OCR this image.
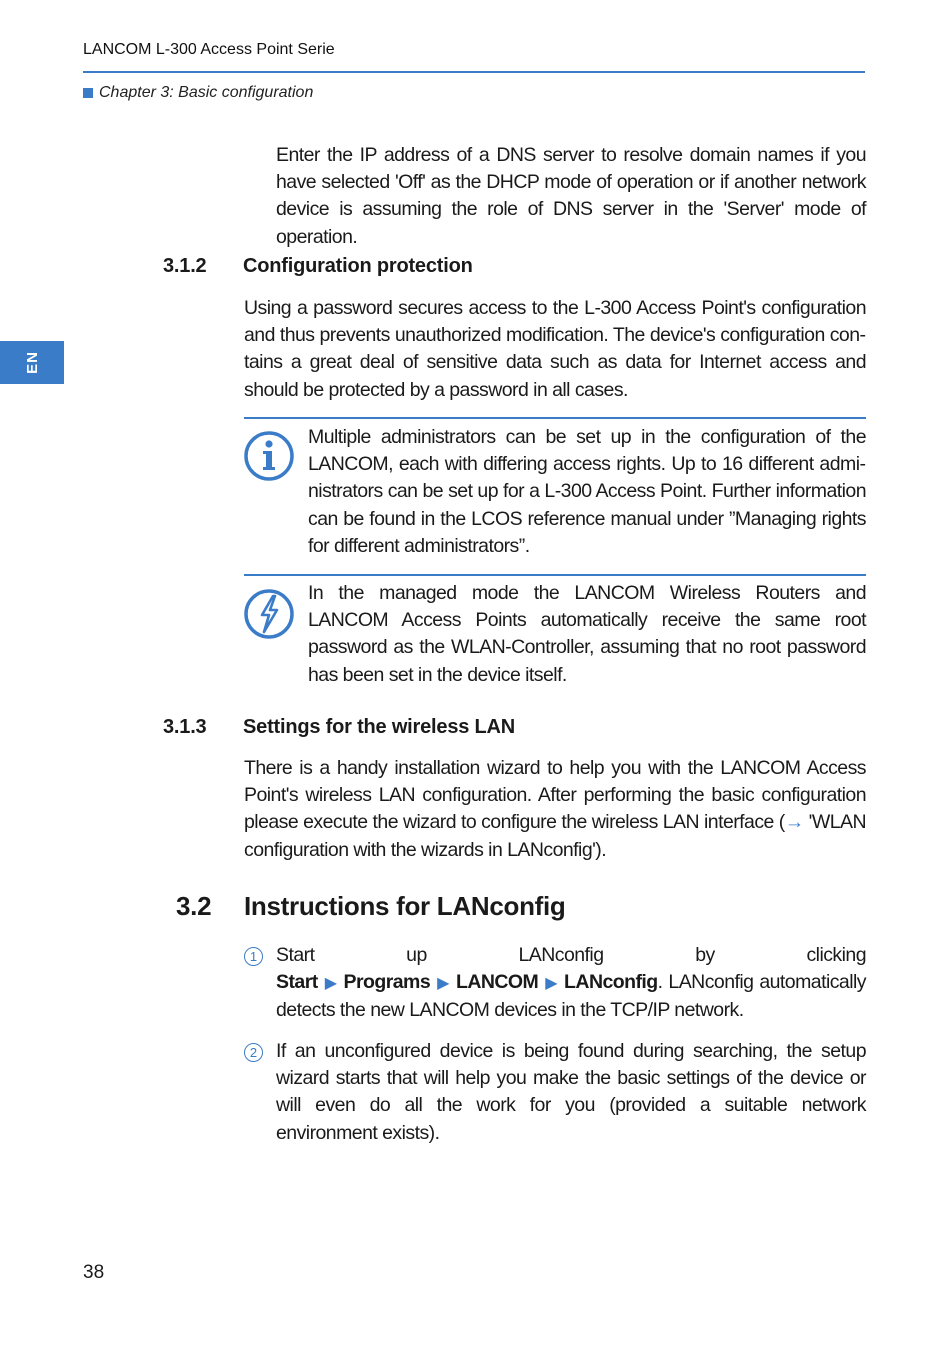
LANCOM L-300 Access Point Serie
Chapter 3: Basic configuration
EN
Enter the IP address of a DNS server to resolve domain names if you have selected 'Off' as the DHCP mode of operation or if another network device is assuming the role of DNS server in the 'Server' mode of operation.
3.1.2 Configuration protection
Using a password secures access to the L-300 Access Point's configuration and thus prevents unauthorized modification. The device's configuration contains a great deal of sensitive data such as data for Internet access and should be protected by a password in all cases.
Multiple administrators can be set up in the configuration of the LANCOM, each with differing access rights. Up to 16 different administrators can be set up for a L-300 Access Point. Further information can be found in the LCOS reference manual under ”Managing rights for different administrators”.
In the managed mode the LANCOM Wireless Routers and LANCOM Access Points automatically receive the same root password as the WLAN-Controller, assuming that no root password has been set in the device itself.
3.1.3 Settings for the wireless LAN
There is a handy installation wizard to help you with the LANCOM Access Point's wireless LAN configuration. After performing the basic configuration please execute the wizard to configure the wireless LAN interface (→ 'WLAN configuration with the wizards in LANconfig').
3.2 Instructions for LANconfig
1 Start up LANconfig by clicking Start ▶ Programs ▶ LANCOM ▶ LANconfig. LANconfig automatically detects the new LANCOM devices in the TCP/IP network.
2 If an unconfigured device is being found during searching, the setup wizard starts that will help you make the basic settings of the device or will even do all the work for you (provided a suitable network environment exists).
38
